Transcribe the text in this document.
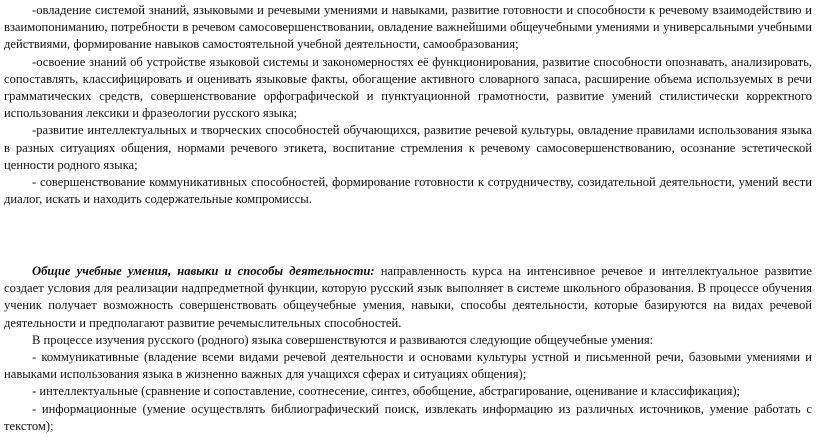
-овладение системой знаний, языковыми и речевыми умениями и навыками, развитие готовности и способности к речевому взаимодействию и взаимопониманию, потребности в речевом самосовершенствовании, овладение важнейшими общеучебными умениями и универсальными учебными действиями, формирование навыков самостоятельной учебной деятельности, самообразования;

-освоение знаний об устройстве языковой системы и закономерностях её функционирования, развитие способности опознавать, анализировать, сопоставлять, классифицировать и оценивать языковые факты, обогащение активного словарного запаса, расширение объема используемых в речи грамматических средств, совершенствование орфографической и пунктуационной грамотности, развитие умений стилистически корректного использования лексики и фразеологии русского языка;

-развитие интеллектуальных и творческих способностей обучающихся, развитие речевой культуры, овладение правилами использования языка в разных ситуациях общения, нормами речевого этикета, воспитание стремления к речевому самосовершенствованию, осознание эстетической ценности родного языка;

- совершенствование коммуникативных способностей, формирование готовности к сотрудничеству, созидательной деятельности, умений вести диалог, искать и находить содержательные компромиссы.

Общие учебные умения, навыки и способы деятельности: направленность курса на интенсивное речевое и интеллектуальное развитие создает условия для реализации надпредметной функции, которую русский язык выполняет в системе школьного образования. В процессе обучения ученик получает возможность совершенствовать общеучебные умения, навыки, способы деятельности, которые базируются на видах речевой деятельности и предполагают развитие речемыслительных способностей.

В процессе изучения русского (родного) языка совершенствуются и развиваются следующие общеучебные умения:

- коммуникативные (владение всеми видами речевой деятельности и основами культуры устной и письменной речи, базовыми умениями и навыками использования языка в жизненно важных для учащихся сферах и ситуациях общения);

- интеллектуальные (сравнение и сопоставление, соотнесение, синтез, обобщение, абстрагирование, оценивание и классификация);

- информационные (умение осуществлять библиографический поиск, извлекать информацию из различных источников, умение работать с текстом);
